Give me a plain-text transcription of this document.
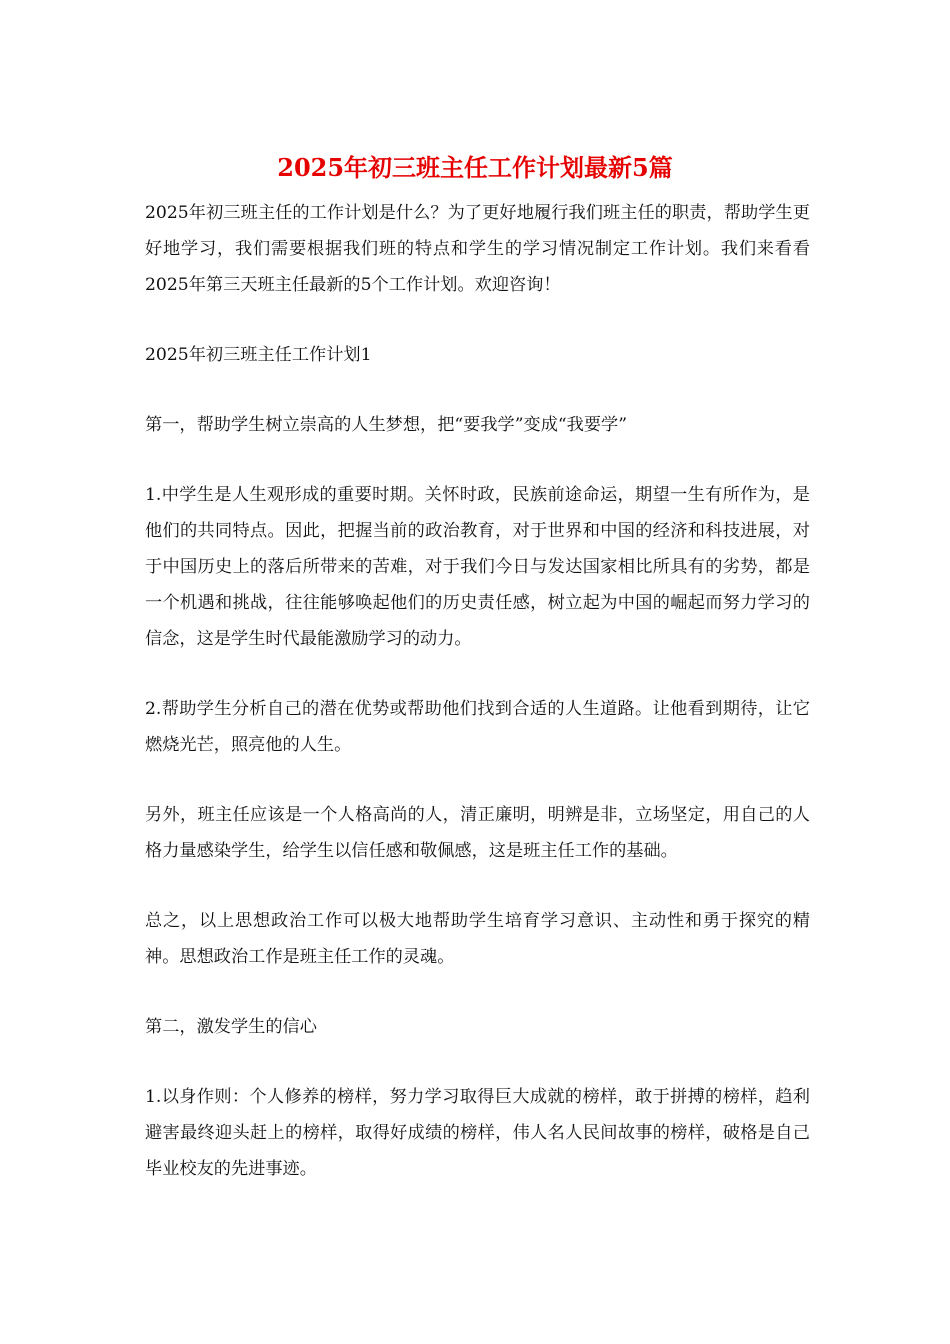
2025年初三班主任工作计划最新5篇

2025年初三班主任的工作计划是什么？为了更好地履行我们班主任的职责，帮助学生更好地学习，我们需要根据我们班的特点和学生的学习情况制定工作计划。我们来看看2025年第三天班主任最新的5个工作计划。欢迎咨询！

2025年初三班主任工作计划1

第一，帮助学生树立崇高的人生梦想，把“要我学”变成“我要学”

1.中学生是人生观形成的重要时期。关怀时政，民族前途命运，期望一生有所作为，是他们的共同特点。因此，把握当前的政治教育，对于世界和中国的经济和科技进展，对于中国历史上的落后所带来的苦难，对于我们今日与发达国家相比所具有的劣势，都是一个机遇和挑战，往往能够唤起他们的历史责任感，树立起为中国的崛起而努力学习的信念，这是学生时代最能激励学习的动力。

2.帮助学生分析自己的潜在优势或帮助他们找到合适的人生道路。让他看到期待，让它燃烧光芒，照亮他的人生。

另外，班主任应该是一个人格高尚的人，清正廉明，明辨是非，立场坚定，用自己的人格力量感染学生，给学生以信任感和敬佩感，这是班主任工作的基础。

总之，以上思想政治工作可以极大地帮助学生培育学习意识、主动性和勇于探究的精神。思想政治工作是班主任工作的灵魂。

第二，激发学生的信心

1.以身作则：个人修养的榜样，努力学习取得巨大成就的榜样，敢于拼搏的榜样，趋利避害最终迎头赶上的榜样，取得好成绩的榜样，伟人名人民间故事的榜样，破格是自己毕业校友的先进事迹。
